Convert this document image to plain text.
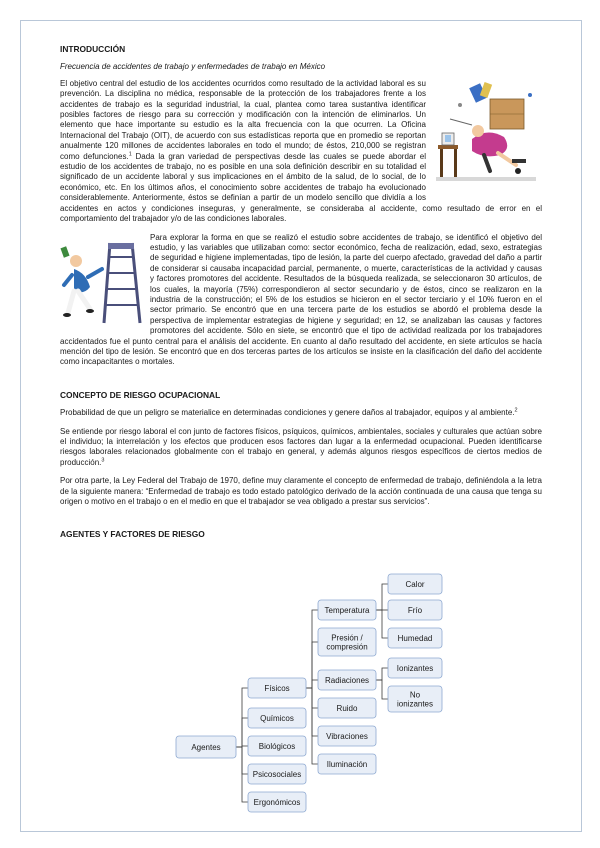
INTRODUCCIÓN
Frecuencia de accidentes de trabajo y enfermedades de trabajo en México

El objetivo central del estudio de los accidentes ocurridos como resultado de la actividad laboral es su prevención. La disciplina no médica, responsable de la protección de los trabajadores frente a los accidentes de trabajo es la seguridad industrial, la cual, plantea como tarea sustantiva identificar posibles factores de riesgo para su corrección y modificación con la intención de eliminarlos. Un elemento que hace importante su estudio es la alta frecuencia con la que ocurren. La Oficina Internacional del Trabajo (OIT), de acuerdo con sus estadísticas reporta que en promedio se reportan anualmente 120 millones de accidentes laborales en todo el mundo; de éstos, 210,000 se registran como defunciones.$^1$ Dada la gran variedad de perspectivas desde las cuales se puede abordar el estudio de los accidentes de trabajo, no es posible en una sola definición describir en su totalidad el significado de un accidente laboral y sus implicaciones en el ámbito de la salud, de lo social, de lo económico, etc. En los últimos años, el conocimiento sobre accidentes de trabajo ha evolucionado considerablemente. Anteriormente, éstos se definían a partir de un modelo sencillo que dividía a los accidentes en actos y condiciones inseguras, y generalmente, se consideraba al accidente, como resultado de error en el comportamiento del trabajador y/o de las condiciones laborales.

Para explorar la forma en que se realizó el estudio sobre accidentes de trabajo, se identificó el objetivo del estudio, y las variables que utilizaban como: sector económico, fecha de realización, edad, sexo, estrategias de seguridad e higiene implementadas, tipo de lesión, la parte del cuerpo afectado, gravedad del daño a partir de considerar si causaba incapacidad parcial, permanente, o muerte, características de la actividad y causas y factores promotores del accidente. Resultados de la búsqueda realizada, se seleccionaron 30 artículos, de los cuales, la mayoría (75%) correspondieron al sector secundario y de éstos, cinco se realizaron en la industria de la construcción; el 5% de los estudios se hicieron en el sector terciario y el 10% fueron en el sector primario. Se encontró que en una tercera parte de los estudios se abordó el problema desde la perspectiva de implementar estrategias de higiene y seguridad; en 12, se analizaban las causas y factores promotores del accidente. Sólo en siete, se encontró que el tipo de actividad realizada por los trabajadores accidentados fue el punto central para el análisis del accidente. En cuanto al daño resultado del accidente, en siete artículos se hacía mención del tipo de lesión. Se encontró que en dos terceras partes de los artículos se insiste en la clasificación del daño del accidente como incapacitantes o mortales.

CONCEPTO DE RIESGO OCUPACIONAL

Probabilidad de que un peligro se materialice en determinadas condiciones y genere daños al trabajador, equipos y al ambiente.$^2$

Se entiende por riesgo laboral el con junto de factores físicos, psíquicos, químicos, ambientales, sociales y culturales que actúan sobre el individuo; la interrelación y los efectos que producen esos factores dan lugar a la enfermedad ocupacional. Pueden identificarse riesgos laborales relacionados globalmente con el trabajo en general, y además algunos riesgos específicos de ciertos medios de producción.$^3$

Por otra parte, la Ley Federal del Trabajo de 1970, define muy claramente el concepto de enfermedad de trabajo, definiéndola a la letra de la siguiente manera: “Enfermedad de trabajo es todo estado patológico derivado de la acción continuada de una causa que tenga su origen o motivo en el trabajo o en el medio en que el trabajador se vea obligado a prestar sus servicios”.

AGENTES Y FACTORES DE RIESGO
Agentes
Físicos
Químicos
Biológicos
Psicosociales
Ergonómicos
Temperatura
Presión /
compresión
Radiaciones
Ruido
Vibraciones
Iluminación
Calor
Frío
Humedad
Ionizantes
No
ionizantes
